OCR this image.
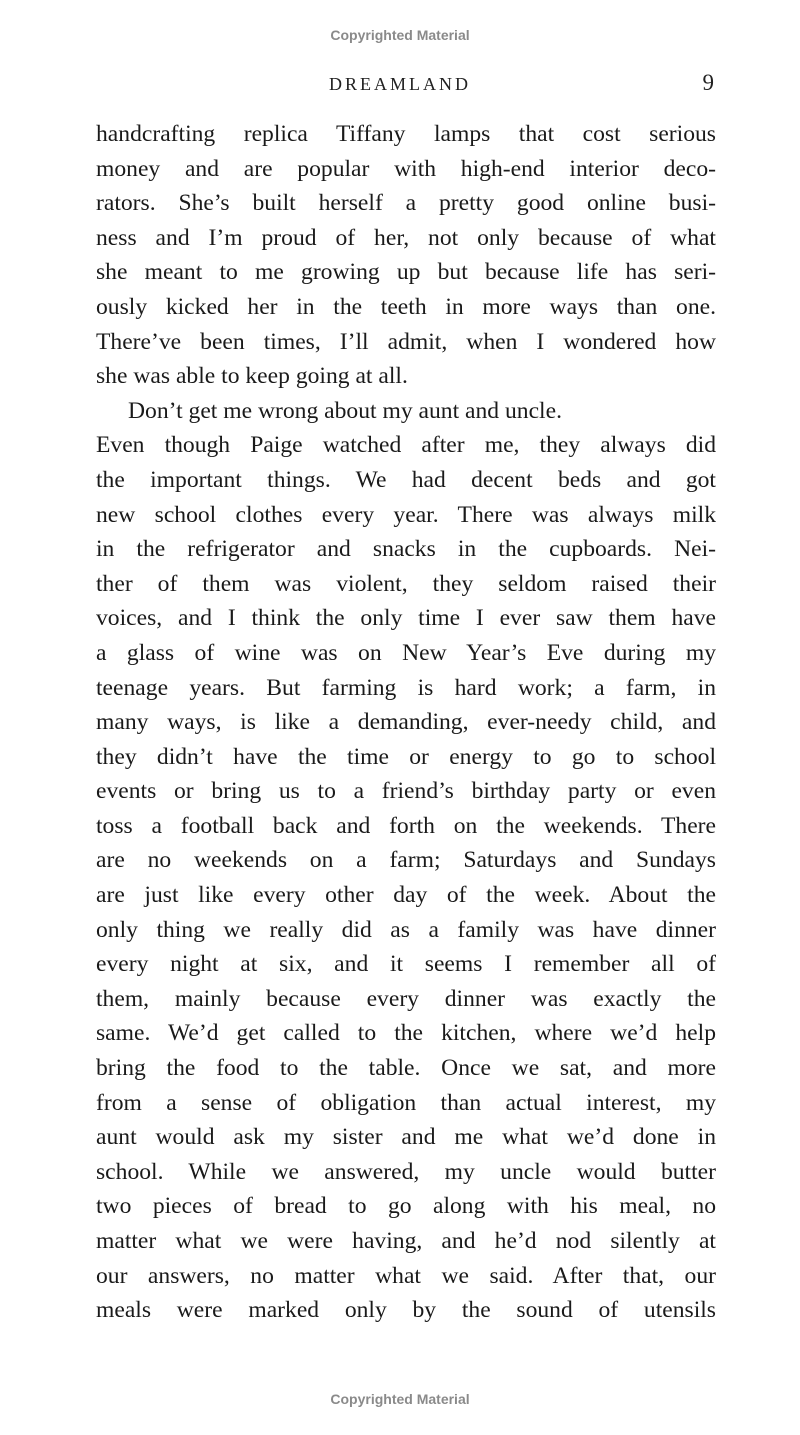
Copyrighted Material
DREAMLAND	9
handcrafting replica Tiffany lamps that cost serious
money and are popular with high-end interior deco-
rators. She’s built herself a pretty good online busi-
ness and I’m proud of her, not only because of what
she meant to me growing up but because life has seri-
ously kicked her in the teeth in more ways than one.
There’ve been times, I’ll admit, when I wondered how
she was able to keep going at all.
Don’t get me wrong about my aunt and uncle.
Even though Paige watched after me, they always did
the important things. We had decent beds and got
new school clothes every year. There was always milk
in the refrigerator and snacks in the cupboards. Nei-
ther of them was violent, they seldom raised their
voices, and I think the only time I ever saw them have
a glass of wine was on New Year’s Eve during my
teenage years. But farming is hard work; a farm, in
many ways, is like a demanding, ever-needy child, and
they didn’t have the time or energy to go to school
events or bring us to a friend’s birthday party or even
toss a football back and forth on the weekends. There
are no weekends on a farm; Saturdays and Sundays
are just like every other day of the week. About the
only thing we really did as a family was have dinner
every night at six, and it seems I remember all of
them, mainly because every dinner was exactly the
same. We’d get called to the kitchen, where we’d help
bring the food to the table. Once we sat, and more
from a sense of obligation than actual interest, my
aunt would ask my sister and me what we’d done in
school. While we answered, my uncle would butter
two pieces of bread to go along with his meal, no
matter what we were having, and he’d nod silently at
our answers, no matter what we said. After that, our
meals were marked only by the sound of utensils
Copyrighted Material
